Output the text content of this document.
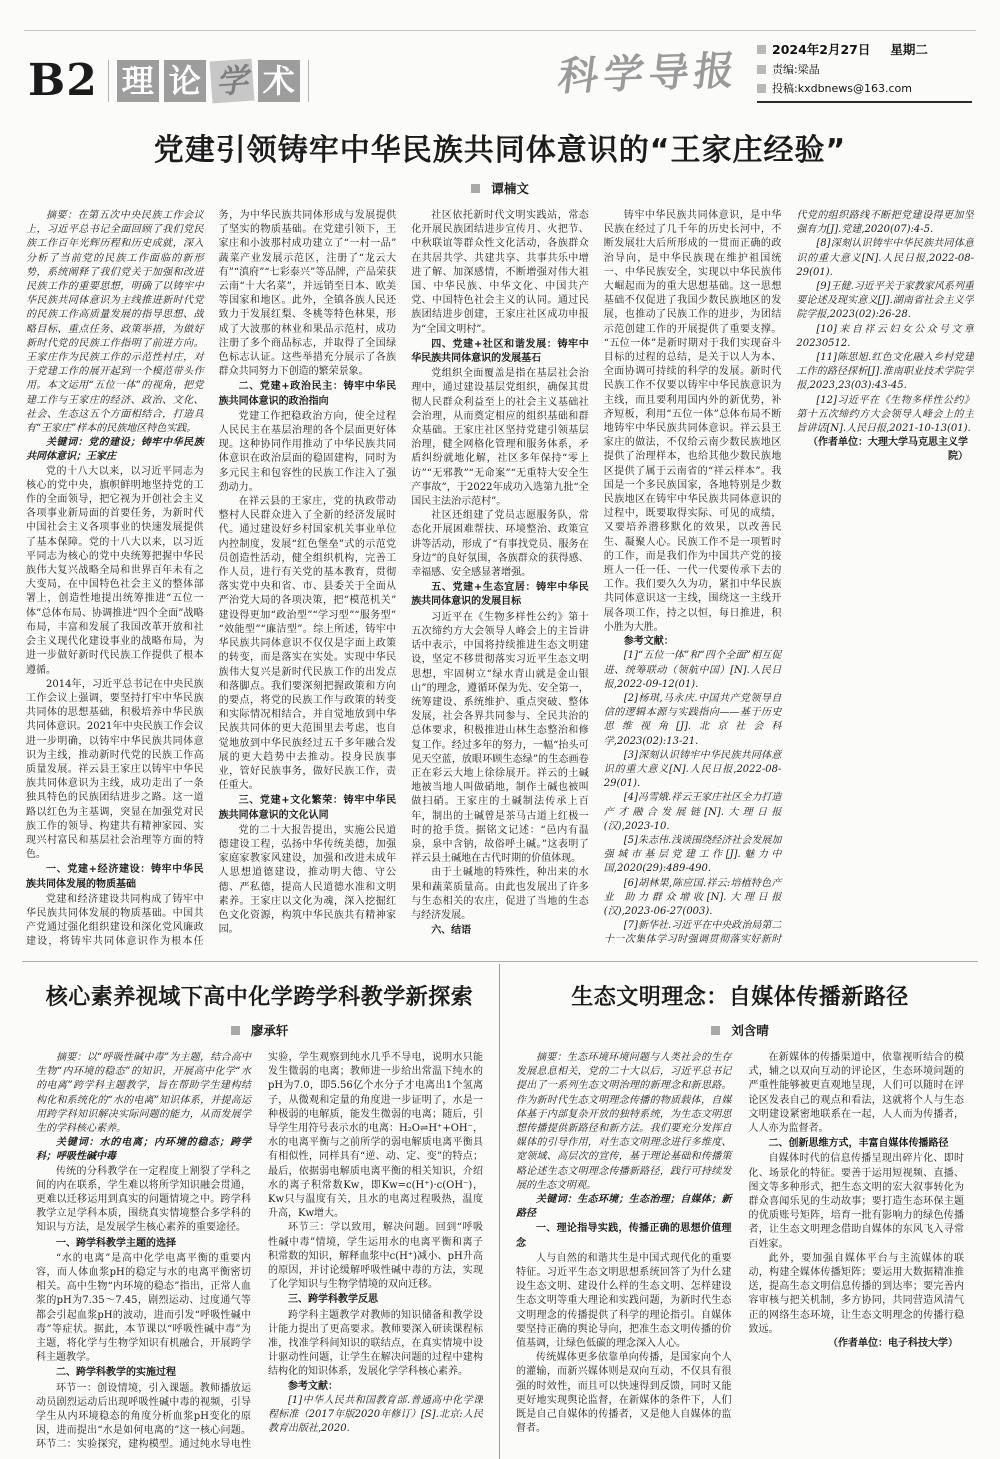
B2 理 论 学 术	科学导报 2024年2月27日 星期二
责编:梁晶
投稿:kxdbnews@163.com
党建引领铸牢中华民族共同体意识的“王家庄经验”
谭楠文

摘要：在第五次中央民族工作会议上，习近平总书记全面回顾了我们党民族工作百年光辉历程和历史成就，深入分析了当前党的民族工作面临的新形势，系统阐释了我们党关于加强和改进民族工作的重要思想，明确了以铸牢中华民族共同体意识为主线推进新时代党的民族工作高质量发展的指导思想、战略目标、重点任务、政策举措，为做好新时代党的民族工作指明了前进方向。王家庄作为民族工作的示范性村庄，对于党建工作的展开起到一个模范带头作用。本文运用“五位一体”的视角，把党建工作与王家庄的经济、政治、文化、社会、生态这五个方面相结合，打造具有“王家庄”样本的民族地区特色实践。

关键词：党的建设；铸牢中华民族共同体意识；王家庄

党的十八大以来，以习近平同志为核心的党中央，旗帜鲜明地坚持党的工作的全面领导，把它视为开创社会主义各项事业新局面的首要任务，为新时代中国社会主义各项事业的快速发展提供了基本保障。党的十八大以来，以习近平同志为核心的党中央统筹把握中华民族伟大复兴战略全局和世界百年未有之大变局，在中国特色社会主义的整体部署上，创造性地提出统筹推进“五位一体”总体布局、协调推进“四个全面”战略布局，丰富和发展了我国改革开放和社会主义现代化建设事业的战略布局，为进一步做好新时代民族工作提供了根本遵循。

2014年，习近平总书记在中央民族工作会议上强调，要坚持打牢中华民族共同体的思想基础，积极培养中华民族共同体意识。2021年中央民族工作会议进一步明确，以铸牢中华民族共同体意识为主线，推动新时代党的民族工作高质量发展。祥云县王家庄以铸牢中华民族共同体意识为主线，成功走出了一条独具特色的民族团结进步之路。这一道路以红色为主基调，突显在加强党对民族工作的领导、构建共有精神家园、实现兴村富民和基层社会治理等方面的特色。

一、党建+经济建设：铸牢中华民族共同体发展的物质基础

党建和经济建设共同构成了铸牢中华民族共同体发展的物质基础。中国共产党通过强化组织建设和深化党风廉政建设，将铸牢共同体意识作为根本任务，为中华民族共同体形成与发展提供了坚实的物质基础。在党建引领下，王家庄和小波那村成功建立了“一村一品”蔬菜产业发展示范区，注册了“龙云大有”“滇府”“七彩泰兴”等品牌，产品荣获云南“十大名菜”，并远销至日本、欧美等国家和地区。此外，全镇各族人民还致力于发展红梨、冬桃等特色林果，形成了大波那的林业和果品示范村，成功注册了多个商品标志，并取得了全国绿色标志认证。这些举措充分展示了各族群众共同努力下创造的繁荣景象。

二、党建+政治民主：铸牢中华民族共同体意识的政治指向

党建工作把稳政治方向，使全过程人民民主在基层治理的各个层面更好体现。这种协同作用推动了中华民族共同体意识在政治层面的稳固建构，同时为多元民主和包容性的民族工作注入了强劲动力。

在祥云县的王家庄，党的执政带动整村人民群众进入了全新的经济发展时代。通过建设好乡村国家机关事业单位内控制度，发展“红色堡垒”式的示范党员创造性活动，健全组织机构，完善工作人员，进行有关党的基本教育，贯彻落实党中央和省、市、县委关于全面从严治党大局的各项决策，把“模范机关”建设得更加“政治型”“学习型”“服务型”“效能型”“廉洁型”。综上所述，铸牢中华民族共同体意识不仅仅是字面上政策的转变，而是落实在实处。实现中华民族伟大复兴是新时代民族工作的出发点和落脚点。我们要深刻把握政策和方向的要点，将党的民族工作与政策的转变和实际情况相结合，并自觉地放到中华民族共同体的更大范围里去考虑，也自觉地放到中华民族经过五千多年融合发展的更大趋势中去推动。投身民族事业，管好民族事务，做好民族工作，责任重大。

三、党建+文化繁荣：铸牢中华民族共同体意识的文化认同

党的二十大报告提出，实施公民道德建设工程，弘扬中华传统美德，加强家庭家教家风建设，加强和改进未成年人思想道德建设，推动明大德、守公德、严私德，提高人民道德水准和文明素养。王家庄以文化为魂，深入挖掘红色文化资源，构筑中华民族共有精神家园。

社区依托新时代文明实践站，常态化开展民族团结进步宣传月、火把节、中秋联谊等群众性文化活动，各族群众在共居共学、共建共享、共事共乐中增进了解、加深感情，不断增强对伟大祖国、中华民族、中华文化、中国共产党、中国特色社会主义的认同。通过民族团结进步创建，王家庄社区成功申报为“全国文明村”。

四、党建+社区和谐发展：铸牢中华民族共同体意识的发展基石

党组织全面覆盖是指在基层社会治理中，通过建设基层党组织，确保其贯彻人民群众利益至上的社会主义基础社会治理，从而奠定相应的组织基础和群众基础。王家庄社区坚持党建引领基层治理，健全网格化管理和服务体系，矛盾纠纷就地化解，社区多年保持“零上访”“无邪教”“无命案”“无重特大安全生产事故”，于2022年成功入选第九批“全国民主法治示范村”。

社区还组建了党员志愿服务队，常态化开展困难帮扶、环境整治、政策宣讲等活动，形成了“有事找党员、服务在身边”的良好氛围，各族群众的获得感、幸福感、安全感显著增强。

五、党建+生态宜居：铸牢中华民族共同体意识的发展目标

习近平在《生物多样性公约》第十五次缔约方大会领导人峰会上的主旨讲话中表示，中国将持续推进生态文明建设，坚定不移贯彻落实习近平生态文明思想，牢固树立“绿水青山就是金山银山”的理念，遵循环保为先、安全第一，统筹建设、系统维护、重点突破、整体发展，社会各界共同参与、全民共治的总体要求，积极推进山林生态整治和修复工作。经过多年的努力，一幅“抬头可见天空蓝，放眼环顾生态绿”的生态画卷正在彩云大地上徐徐展开。祥云的土碱地被当地人叫做硝地，制作土碱也被叫做扫硝。王家庄的土碱制法传承上百年，制出的土碱曾是茶马古道上红极一时的抢手货。据铭文记述：“邑内有温泉，泉中含钠，故俗呼土碱。”这表明了祥云县土碱地在古代时期的价值体现。

由于土碱地的特殊性，种出来的水果和蔬菜质量高。由此也发展出了许多与生态相关的农庄，促进了当地的生态与经济发展。

六、结语

铸牢中华民族共同体意识，是中华民族在经过了几千年的历史长河中，不断发展壮大后所形成的一贯而正确的政治导向，是中华民族现在维护祖国统一、中华民族安全，实现以中华民族伟大崛起而为的重大思想基础。这一思想基础不仅促进了我国少数民族地区的发展，也推动了民族工作的进步，为团结示范创建工作的开展提供了重要支撑。“五位一体”是新时期对于我们实现奋斗目标的过程的总结，是关于以人为本、全面协调可持续的科学的发展。新时代民族工作不仅要以铸牢中华民族意识为主线，而且要利用国内外的新优势，补齐短板，利用“五位一体”总体布局不断地铸牢中华民族共同体意识。祥云县王家庄的做法，不仅给云南少数民族地区提供了治理样本，也给其他少数民族地区提供了属于云南省的“祥云样本”。我国是一个多民族国家，各地特别是少数民族地区在铸牢中华民族共同体意识的过程中，既要取得实际、可见的成绩，又要培养潜移默化的效果，以改善民生、凝聚人心。民族工作不是一项暂时的工作，而是我们作为中国共产党的接班人一任一任、一代一代要传承下去的工作。我们要久久为功，紧扣中华民族共同体意识这一主线，围绕这一主线开展各项工作，持之以恒，每日推进，积小胜为大胜。

参考文献：

[1]“五位一体”和“四个全面”相互促进、统筹联动（领航中国）[N].人民日报,2022-09-12(01).

[2]杨琪,马永庆.中国共产党领导自信的逻辑本源与实践指向——基于历史思维视角[J].北京社会科学,2023(02):13-21.

[3]深刻认识铸牢中华民族共同体意识的重大意义[N].人民日报,2022-08-29(01).

[4]冯雪娥.祥云王家庄社区全力打造产才融合发展链[N].大理日报(汉),2023-10.

[5]朱志伟.浅谈围绕经济社会发展加强城市基层党建工作[J].魅力中国,2020(29):489-490.

[6]胡林果,陈应国.祥云:培植特色产业 助力群众增收[N].大理日报(汉),2023-06-27(003).

[7]新华社.习近平在中央政治局第二十一次集体学习时强调贯彻落实好新时代党的组织路线不断把党建设得更加坚强有力[J].党建,2020(07):4-5.

[8]深刻认识铸牢中华民族共同体意识的重大意义[N].人民日报,2022-08-29(01).

[9]王健.习近平关于家教家风系列重要论述及现实意义[J].湖南省社会主义学院学报,2023(02):26-28.

[10]来自祥云妇女公众号文章20230512.

[11]陈思旭.红色文化融入乡村党建工作的路径探析[J].淮南职业技术学院学报,2023,23(03):43-45.

[12]习近平在《生物多样性公约》第十五次缔约方大会领导人峰会上的主旨讲话[N].人民日报,2021-10-13(01).

（作者单位：大理大学马克思主义学院）

核心素养视域下高中化学跨学科教学新探索
廖承轩

摘要：以“呼吸性碱中毒”为主题，结合高中生物“内环境的稳态”的知识，开展高中化学“水的电离”跨学科主题教学，旨在帮助学生建构结构化和系统化的“水的电离”知识体系，并提高运用跨学科知识解决实际问题的能力，从而发展学生的学科核心素养。

关键词：水的电离；内环境的稳态；跨学科；呼吸性碱中毒

传统的分科教学在一定程度上割裂了学科之间的内在联系，学生难以将所学知识融会贯通，更难以迁移运用到真实的问题情境之中。跨学科教学立足学科本质，围绕真实情境整合多学科的知识与方法，是发展学生核心素养的重要途径。

一、跨学科教学主题的选择

“水的电离”是高中化学电离平衡的重要内容，而人体血浆pH的稳定与水的电离平衡密切相关。高中生物“内环境的稳态”指出，正常人血浆的pH为7.35～7.45，剧烈运动、过度通气等都会引起血浆pH的波动，进而引发“呼吸性碱中毒”等症状。据此，本节课以“呼吸性碱中毒”为主题，将化学与生物学知识有机融合，开展跨学科主题教学。

二、跨学科教学的实施过程

环节一：创设情境，引入课题。教师播放运动员剧烈运动后出现呼吸性碱中毒的视频，引导学生从内环境稳态的角度分析血浆pH变化的原因，进而提出“水是如何电离的”这一核心问题。环节二：实验探究，建构模型。通过纯水导电性实验，学生观察到纯水几乎不导电，说明水只能发生微弱的电离；教师进一步给出常温下纯水的pH为7.0，即5.56亿个水分子才电离出1个氢离子，从微观和定量的角度进一步证明了，水是一种极弱的电解质，能发生微弱的电离；随后，引导学生用符号表示水的电离：H₂O⇌H⁺+OH⁻，水的电离平衡与之前所学的弱电解质电离平衡具有相似性，同样具有“逆、动、定、变”的特点；最后，依据弱电解质电离平衡的相关知识，介绍水的离子积常数Kw，即Kw=c(H⁺)·c(OH⁻)，Kw只与温度有关，且水的电离过程吸热，温度升高，Kw增大。

环节三：学以致用，解决问题。回到“呼吸性碱中毒”情境，学生运用水的电离平衡和离子积常数的知识，解释血浆中c(H⁺)减小、pH升高的原因，并讨论缓解呼吸性碱中毒的方法，实现了化学知识与生物学情境的双向迁移。

三、跨学科教学反思

跨学科主题教学对教师的知识储备和教学设计能力提出了更高要求。教师要深入研读课程标准，找准学科间知识的联结点，在真实情境中设计驱动性问题，让学生在解决问题的过程中建构结构化的知识体系，发展化学学科核心素养。

参考文献：

[1]中华人民共和国教育部.普通高中化学课程标准（2017年版2020年修订）[S].北京:人民教育出版社,2020.

生态文明理念：自媒体传播新路径
刘含晴

摘要：生态环境环境问题与人类社会的生存发展息息相关，党的二十大以后，习近平总书记提出了一系列生态文明治理的新理念和新思路。作为新时代生态文明理念传播的物质载体，自媒体基于内部复杂开放的独特系统，为生态文明思想传播提供新路径和新方法。我们要充分发挥自媒体的引导作用，对生态文明理念进行多维度、宽领域、高层次的宣传，基于理论基础和传播策略论述生态文明理念传播新路径，践行可持续发展的生态文明观。

关键词：生态环境；生态治理；自媒体；新路径

一、理论指导实践，传播正确的思想价值理念

人与自然的和谐共生是中国式现代化的重要特征。习近平生态文明思想系统回答了为什么建设生态文明、建设什么样的生态文明、怎样建设生态文明等重大理论和实践问题，为新时代生态文明理念的传播提供了科学的理论指引。自媒体要坚持正确的舆论导向，把准生态文明传播的价值基调，让绿色低碳的理念深入人心。

传统媒体更多依靠单向传播，是国家向个人的灌输，而新兴媒体则是双向互动，不仅具有很强的时效性，而且可以快速得到反馈，同时又能更好地实现舆论监督，在新媒体的条件下，人们既是自己自媒体的传播者，又是他人自媒体的监督者。

在新媒体的传播渠道中，依靠视听结合的模式，辅之以双向互动的评论区，生态环境问题的严重性能够被更直观地呈现，人们可以随时在评论区发表自己的观点和看法，这就将个人与生态文明建设紧密地联系在一起，人人而为传播者，人人亦为监督者。

二、创新思维方式，丰富自媒体传播路径

自媒体时代的信息传播呈现出碎片化、即时化、场景化的特征。要善于运用短视频、直播、图文等多种形式，把生态文明的宏大叙事转化为群众喜闻乐见的生动故事；要打造生态环保主题的优质账号矩阵，培育一批有影响力的绿色传播者，让生态文明理念借助自媒体的东风飞入寻常百姓家。

此外，要加强自媒体平台与主流媒体的联动，构建全媒体传播矩阵；要运用大数据精准推送，提高生态文明信息传播的到达率；要完善内容审核与把关机制，多方协同，共同营造风清气正的网络生态环境，让生态文明理念的传播行稳致远。

（作者单位：电子科技大学）
